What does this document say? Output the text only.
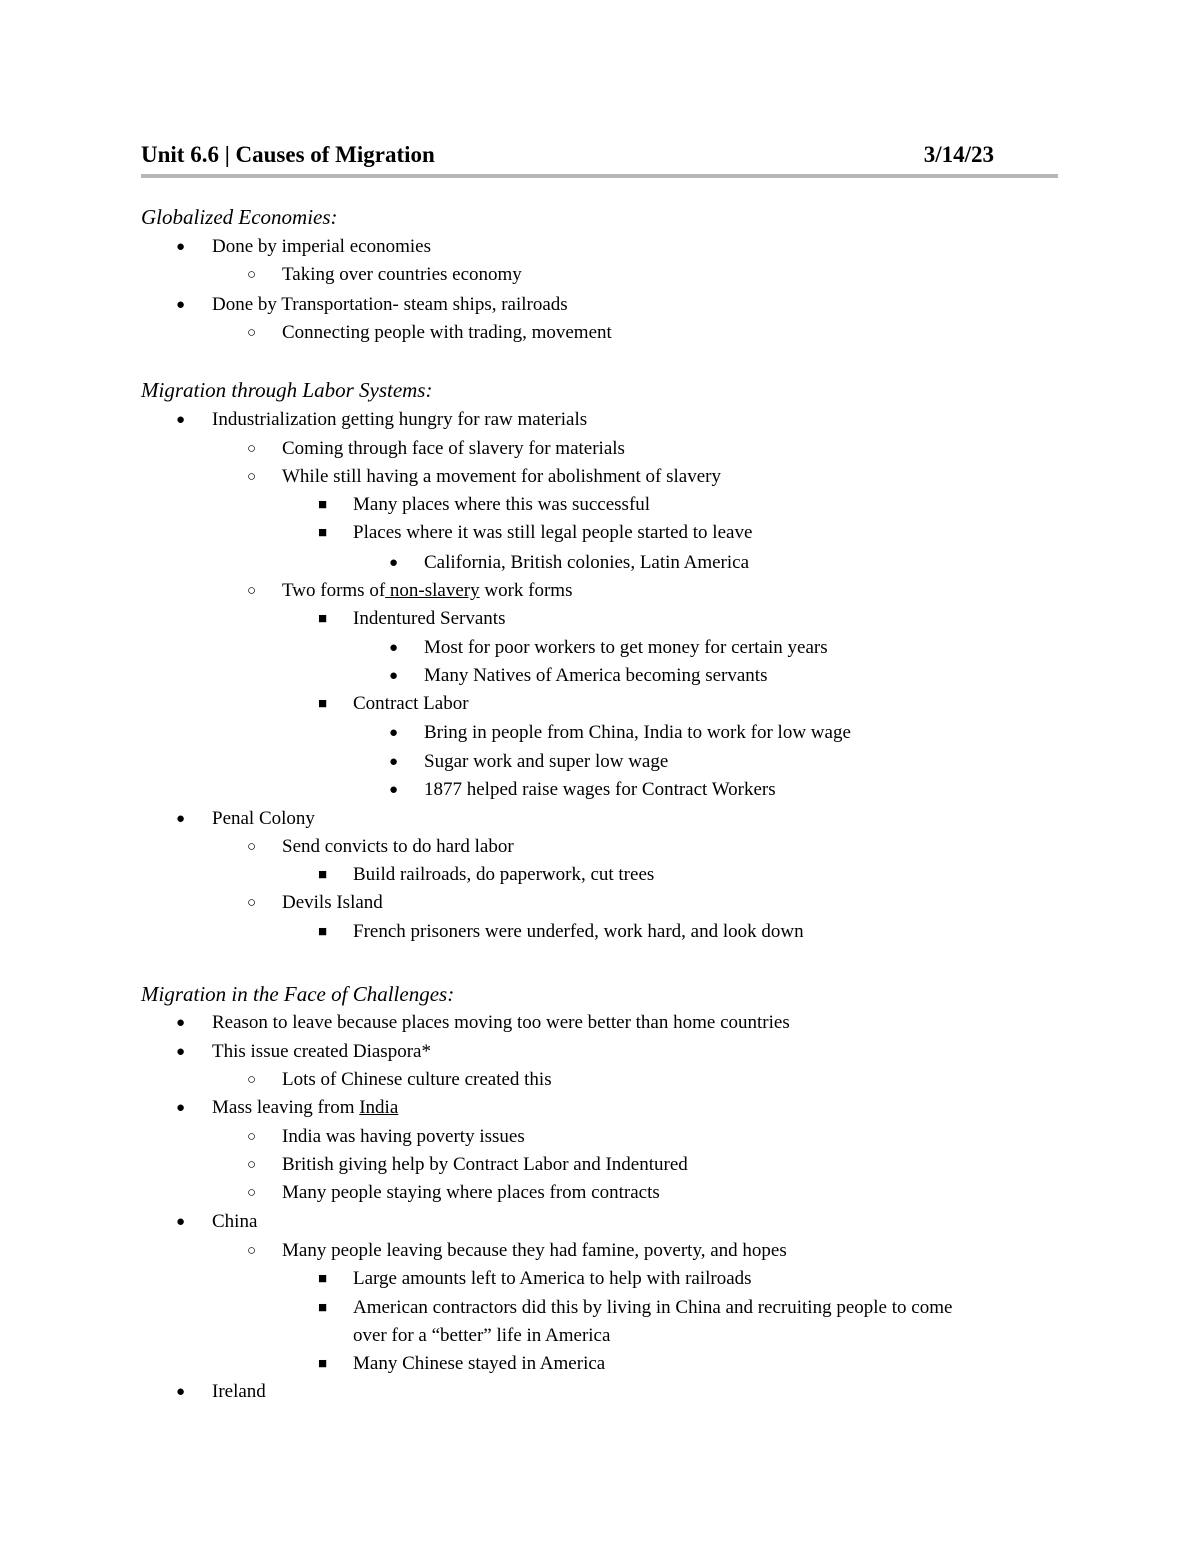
Unit 6.6 | Causes of Migration	3/14/23
Globalized Economies:
● Done by imperial economies
○ Taking over countries economy
● Done by Transportation- steam ships, railroads
○ Connecting people with trading, movement
Migration through Labor Systems:
● Industrialization getting hungry for raw materials
○ Coming through face of slavery for materials
○ While still having a movement for abolishment of slavery
■ Many places where this was successful
■ Places where it was still legal people started to leave
● California, British colonies, Latin America
○ Two forms of non-slavery work forms
■ Indentured Servants
● Most for poor workers to get money for certain years
● Many Natives of America becoming servants
■ Contract Labor
● Bring in people from China, India to work for low wage
● Sugar work and super low wage
● 1877 helped raise wages for Contract Workers
● Penal Colony
○ Send convicts to do hard labor
■ Build railroads, do paperwork, cut trees
○ Devils Island
■ French prisoners were underfed, work hard, and look down
Migration in the Face of Challenges:
● Reason to leave because places moving too were better than home countries
● This issue created Diaspora*
○ Lots of Chinese culture created this
● Mass leaving from India
○ India was having poverty issues
○ British giving help by Contract Labor and Indentured
○ Many people staying where places from contracts
● China
○ Many people leaving because they had famine, poverty, and hopes
■ Large amounts left to America to help with railroads
■ American contractors did this by living in China and recruiting people to come
over for a “better” life in America
■ Many Chinese stayed in America
● Ireland
